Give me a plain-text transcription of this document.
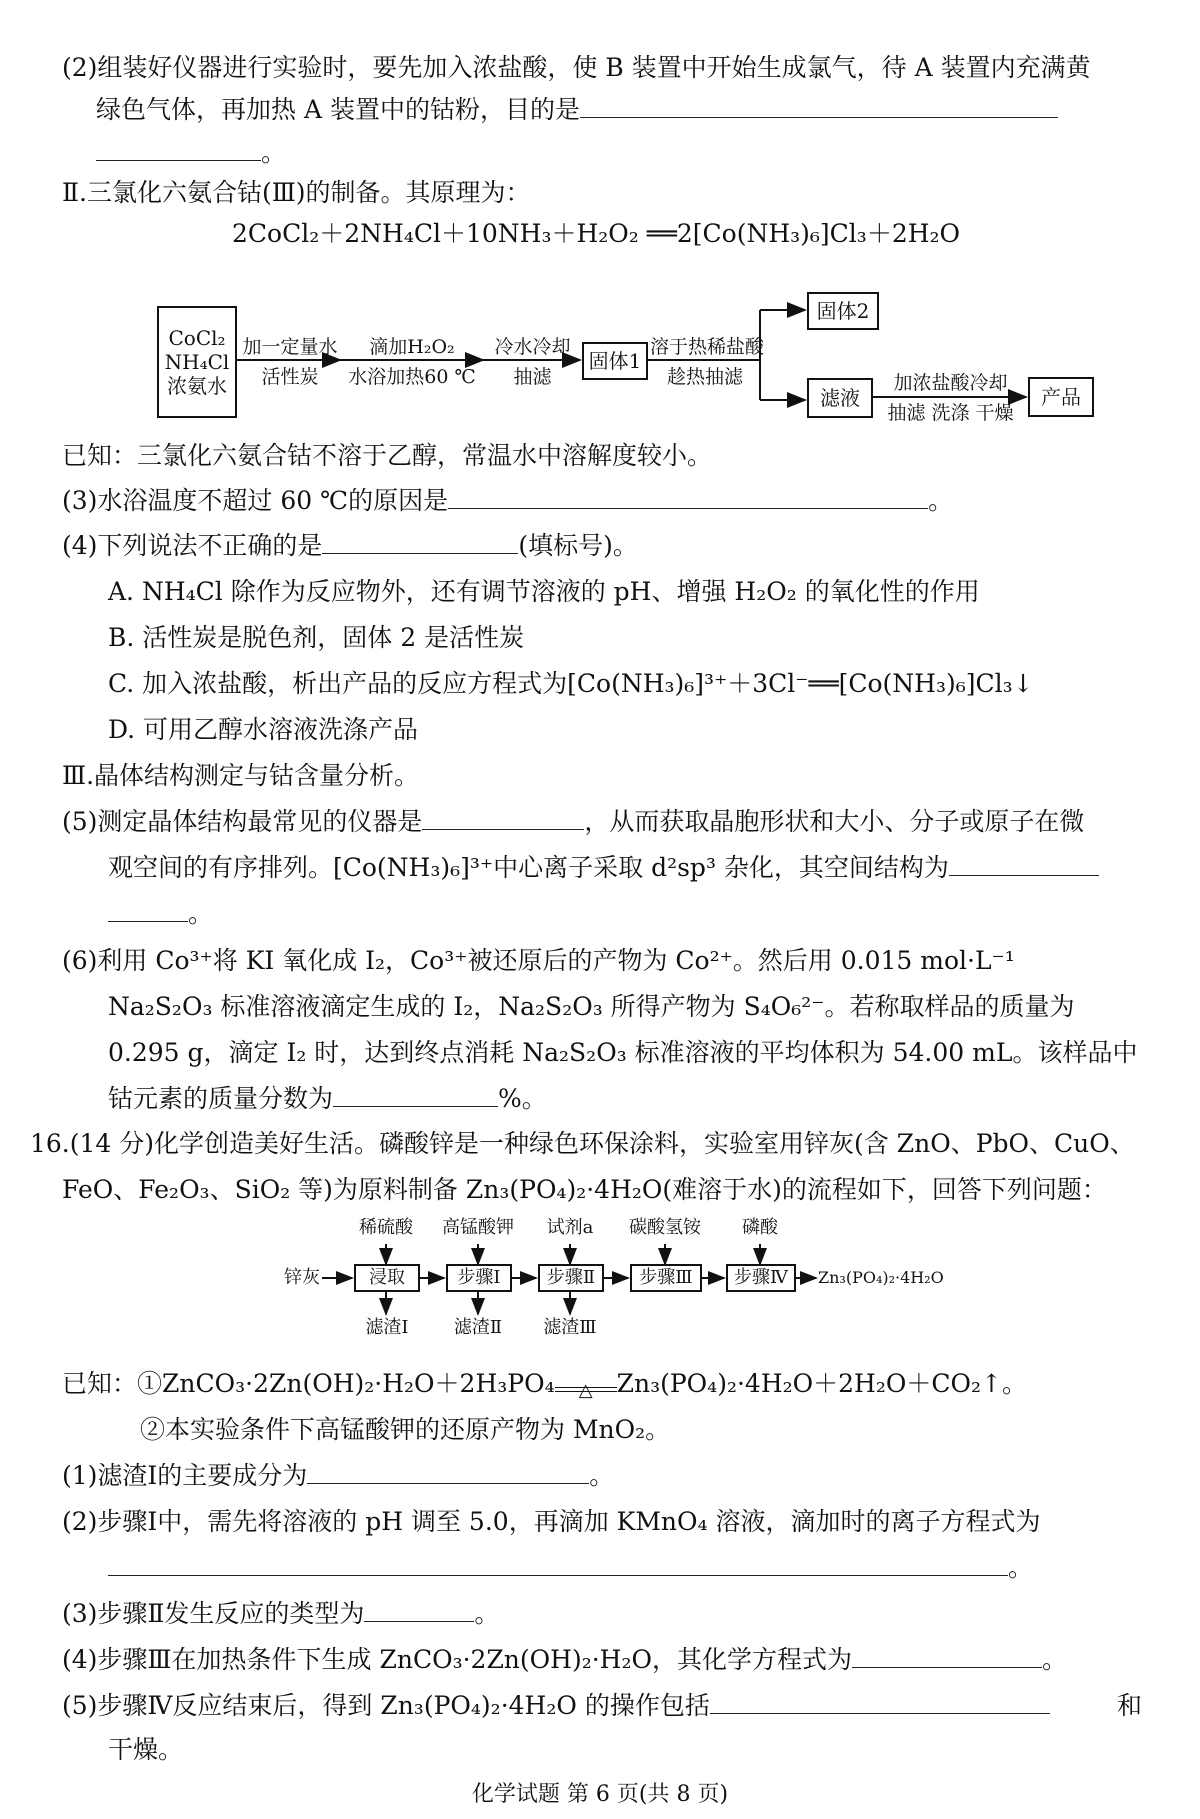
(2)组装好仪器进行实验时，要先加入浓盐酸，使 B 装置中开始生成氯气，待 A 装置内充满黄
绿色气体，再加热 A 装置中的钴粉，目的是
。
Ⅱ.三氯化六氨合钴(Ⅲ)的制备。其原理为：
2CoCl₂＋2NH₄Cl＋10NH₃＋H₂O₂ ══2[Co(NH₃)₆]Cl₃＋2H₂O
CoCl₂
NH₄Cl
浓氨水
加一定量水
活性炭
滴加H₂O₂
水浴加热60 ℃
冷水冷却
抽滤
固体1
溶于热稀盐酸
趁热抽滤
固体2
滤液
加浓盐酸冷却
抽滤 洗涤 干燥
产品
已知：三氯化六氨合钴不溶于乙醇，常温水中溶解度较小。
(3)水浴温度不超过 60 ℃的原因是	。
(4)下列说法不正确的是	(填标号)。
A. NH₄Cl 除作为反应物外，还有调节溶液的 pH、增强 H₂O₂ 的氧化性的作用
B. 活性炭是脱色剂，固体 2 是活性炭
C. 加入浓盐酸，析出产品的反应方程式为[Co(NH₃)₆]³⁺＋3Cl⁻══[Co(NH₃)₆]Cl₃↓
D. 可用乙醇水溶液洗涤产品
Ⅲ.晶体结构测定与钴含量分析。
(5)测定晶体结构最常见的仪器是	，从而获取晶胞形状和大小、分子或原子在微
观空间的有序排列。[Co(NH₃)₆]³⁺中心离子采取 d²sp³ 杂化，其空间结构为
。
(6)利用 Co³⁺将 KI 氧化成 I₂，Co³⁺被还原后的产物为 Co²⁺。然后用 0.015 mol·L⁻¹
Na₂S₂O₃ 标准溶液滴定生成的 I₂，Na₂S₂O₃ 所得产物为 S₄O₆²⁻。若称取样品的质量为
0.295 g，滴定 I₂ 时，达到终点消耗 Na₂S₂O₃ 标准溶液的平均体积为 54.00 mL。该样品中
钴元素的质量分数为	%。
16.(14 分)化学创造美好生活。磷酸锌是一种绿色环保涂料，实验室用锌灰(含 ZnO、PbO、CuO、
FeO、Fe₂O₃、SiO₂ 等)为原料制备 Zn₃(PO₄)₂·4H₂O(难溶于水)的流程如下，回答下列问题：
稀硫酸	高锰酸钾	试剂a	碳酸氢铵	磷酸
锌灰	浸取	步骤Ⅰ	步骤Ⅱ	步骤Ⅲ	步骤Ⅳ	Zn₃(PO₄)₂·4H₂O
滤渣Ⅰ	滤渣Ⅱ	滤渣Ⅲ
已知：①ZnCO₃·2Zn(OH)₂·H₂O＋2H₃PO₄	△ Zn₃(PO₄)₂·4H₂O＋2H₂O＋CO₂↑。
②本实验条件下高锰酸钾的还原产物为 MnO₂。
(1)滤渣Ⅰ的主要成分为	。
(2)步骤Ⅰ中，需先将溶液的 pH 调至 5.0，再滴加 KMnO₄ 溶液，滴加时的离子方程式为
。
(3)步骤Ⅱ发生反应的类型为	。
(4)步骤Ⅲ在加热条件下生成 ZnCO₃·2Zn(OH)₂·H₂O，其化学方程式为	。
(5)步骤Ⅳ反应结束后，得到 Zn₃(PO₄)₂·4H₂O 的操作包括	和
干燥。
化学试题 第 6 页(共 8 页)
